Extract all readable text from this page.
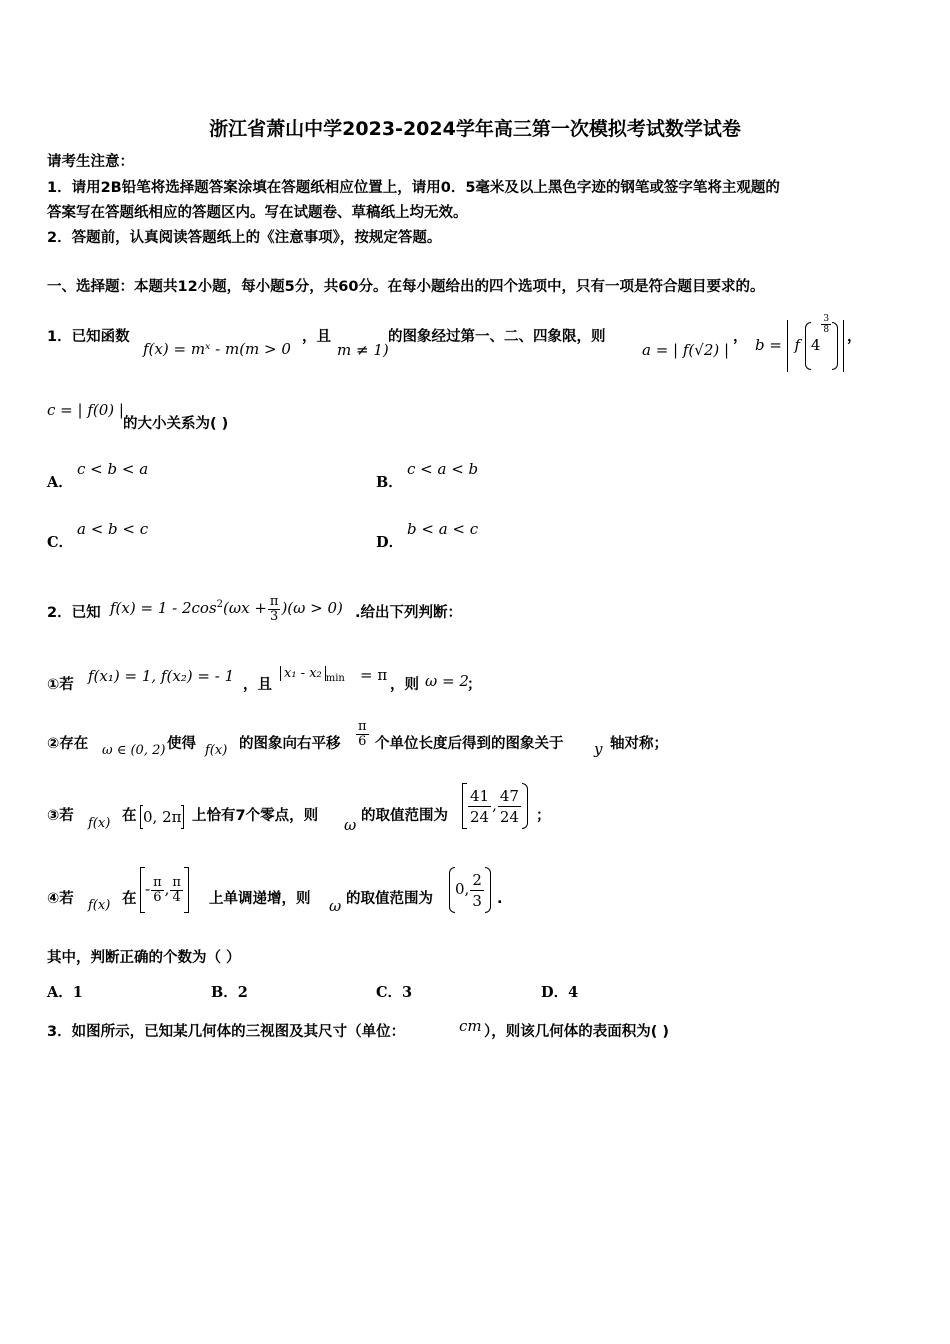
浙江省萧山中学2023-2024学年高三第一次模拟考试数学试卷
请考生注意：
1．请用2B铅笔将选择题答案涂填在答题纸相应位置上，请用0．5毫米及以上黑色字迹的钢笔或签字笔将主观题的
答案写在答题纸相应的答题区内。写在试题卷、草稿纸上均无效。
2．答题前，认真阅读答题纸上的《注意事项》，按规定答题。
一、选择题：本题共12小题，每小题5分，共60分。在每小题给出的四个选项中，只有一项是符合题目要求的。
1．已知函数
f(x) = mˣ - m(m > 0
，且
m ≠ 1)
的图象经过第一、二、四象限，则
a = | f(√2) |
， b = f 4
$\frac{3}{8}$

，
c = | f(0) |
的大小关系为( )
A．
c < b < a
B．
c < a < b
C．
a < b < c
D．
b < a < c
2．已知 $f(x) = 1 - 2\cos^2(\omega x + \frac{\pi}{3} )(\omega > 0)$ .给出下列判断：
①若 f(x₁) = 1, f(x₂) = - 1 ，且
x₁ - x₂ $_{min}$ = π
，则 ω = 2
；
②存在 ω ∈ (0, 2) 使得 f(x) 的图象向右平移 $\frac{\pi}{6}$ 个单位长度后得到的图象关于 y 轴对称；
③若 f(x) 在 0, 2π 上恰有7个零点，则 ω 的取值范围为 $\frac{41}{24}$ , $\frac{47}{24}$ ；
④若 f(x) 在
- $\frac{\pi}{6}$ , $\frac{\pi}{4}$ 上单调递增，则 ω 的取值范围为
0, $\frac{2}{3}$ .
其中，判断正确的个数为（ ）
A．1	B．2	C．3	D．4
3．如图所示，已知某几何体的三视图及其尺寸（单位：	cm ），则该几何体的表面积为( )
